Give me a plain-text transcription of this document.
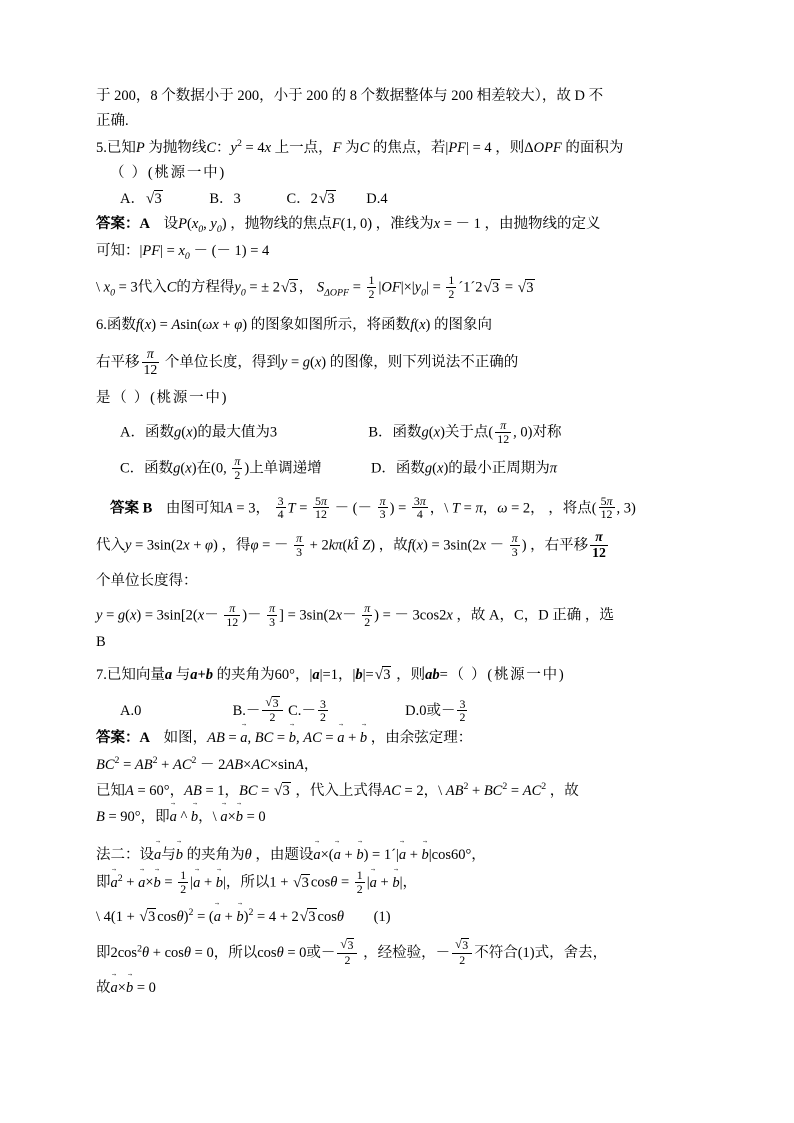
于 200，8 个数据小于 200，小于 200 的 8 个数据整体与 200 相差较大），故 D 不
正确.
5.已知P 为抛物线C：$y^2 = 4x$ 上一点，F 为C 的焦点，若|PF| = 4 ，则ΔOPF 的面积为
（ ）(桃源一中)
A． √ 3	B．3	C．2 √ 3 D.4
答案：A 设$P(x_0$, $y_0$) ，抛物线的焦点F(1, 0) ，准线为x = － 1 ，由抛物线的定义
可知：$|PF| = x_0$ － (－ 1) = 4
\ $x_0 = 3$代入C的方程得$y_0$ = ± 2 √ 3 ， $S_{\Delta OPF} = \frac{1}{2} |OF|\times|y_0| = \frac{1}{2}$ ´1´2 √ 3 = √ 3
6.函数f(x) = Asin(ωx + φ) 的图象如图所示，将函数f(x) 的图象向
右平移 $\frac{\pi}{12}$ 个单位长度，得到y = g(x) 的图像，则下列说法不正确的
是（ ）(桃源一中)
A．函数g(x)的最大值为3	B．函数g(x)关于点( $\frac{\pi}{12}$ , 0)对称
C．函数g(x)在(0, $\frac{\pi}{2}$ )上单调递增	D．函数g(x)的最小正周期为π
答案 B 由图可知A = 3， $\frac{3}{4}$ $T = \frac{5\pi}{12}$ － (－ $\frac{\pi}{3}$ ) = $\frac{3\pi}{4}$ ，\ T = π，ω = 2， ，将点( $\frac{5\pi}{12}$ , 3)
代入y = 3sin(2x + φ) ，得φ = － $\frac{\pi}{3}$ + 2kπ(kÎ Z) ，故$f(x) = 3\sin(2x - \frac{\pi}{3}$ ) ，右平移 $\frac{\pi}{12}$
个单位长度得：
$y = g(x) = 3\sin[2(x- \frac{\pi}{12}$ )－ $\frac{\pi}{3}$ ] = $3\sin(2x- \frac{\pi}{2}$ ) = － 3cos2x ，故 A，C，D 正确 ，选
B
7.已知向量a 与a+b 的夹角为60°，|a|=1，|b|= √ 3 ，则ab=（ ）(桃源一中)
A.0	B.－ √ $\frac{3}{2} C.- \frac{3}{2}$	D.0或－ $\frac{3}{2}$
答案：A 如图，AB = → a, BC = → b, AC = → a + → b ，由余弦定理：
$BC^2 = AB^2 + AC^2 - 2AB\times AC\times\sin A$，
已知A = 60°，AB = 1，BC = √ 3 ，代入上式得AC = 2，\ $AB^2 + BC^2 = AC^2$ ，故
B = 90°，即→ a ^ → b，\ → a×→ b = 0
法二：设→ a与→ b 的夹角为θ ，由题设→ a×(→ a + → b) = 1´|→ a + → b|cos60°，
即→ $a^2$ + → $a\times\to b = \frac{1}{2}$ |→ a + → b|，所以1 + √ 3 $\cos\theta = \frac{1}{2}$ |→ a + → b|，
\ 4(1 + √ 3 cosθ)$^2$ = (→ a + → b)$^2$ = 4 + 2 √ 3 cosθ (1)
即$2\cos^2\theta + \cos\theta = 0$，所以cosθ = 0或－ √ $\frac{3}{2}$ ，经检验，－ √ $\frac{3}{2}$ 不符合(1)式，舍去，
故→ a×→ b = 0
